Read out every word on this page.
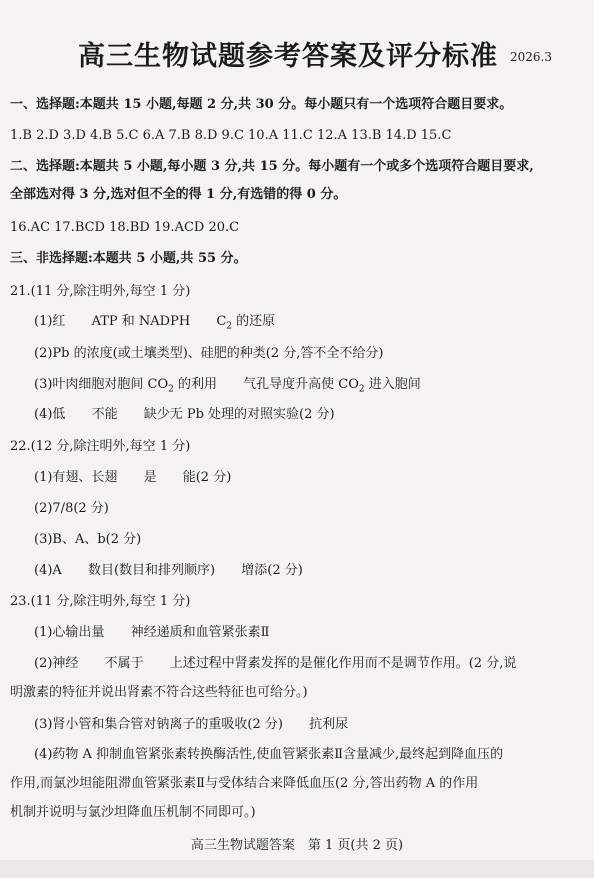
高三生物试题参考答案及评分标准 2026.3
一、选择题:本题共 15 小题,每题 2 分,共 30 分。每小题只有一个选项符合题目要求。
1.B 2.D 3.D 4.B 5.C 6.A 7.B 8.D 9.C 10.A 11.C 12.A 13.B 14.D 15.C
二、选择题:本题共 5 小题,每小题 3 分,共 15 分。每小题有一个或多个选项符合题目要求,
全部选对得 3 分,选对但不全的得 1 分,有选错的得 0 分。
16.AC 17.BCD 18.BD 19.ACD 20.C
三、非选择题:本题共 5 小题,共 55 分。
21.(11 分,除注明外,每空 1 分)
(1)红 ATP 和 NADPH $C_2$ 的还原
(2)Pb 的浓度(或土壤类型)、硅肥的种类(2 分,答不全不给分)
(3)叶肉细胞对胞间 $CO_2$ 的利用 气孔导度升高使 $CO_2$ 进入胞间
(4)低 不能 缺少无 Pb 处理的对照实验(2 分)
22.(12 分,除注明外,每空 1 分)
(1)有翅、长翅 是 能(2 分)
(2)7/8(2 分)
(3)B、A、b(2 分)
(4)A 数目(数目和排列顺序) 增添(2 分)
23.(11 分,除注明外,每空 1 分)
(1)心输出量 神经递质和血管紧张素Ⅱ
(2)神经 不属于 上述过程中肾素发挥的是催化作用而不是调节作用。(2 分,说
明激素的特征并说出肾素不符合这些特征也可给分。)
(3)肾小管和集合管对钠离子的重吸收(2 分) 抗利尿
(4)药物 A 抑制血管紧张素转换酶活性,使血管紧张素Ⅱ含量减少,最终起到降血压的
作用,而氯沙坦能阻滞血管紧张素Ⅱ与受体结合来降低血压(2 分,答出药物 A 的作用
机制并说明与氯沙坦降血压机制不同即可。)
高三生物试题答案　第 1 页(共 2 页)
